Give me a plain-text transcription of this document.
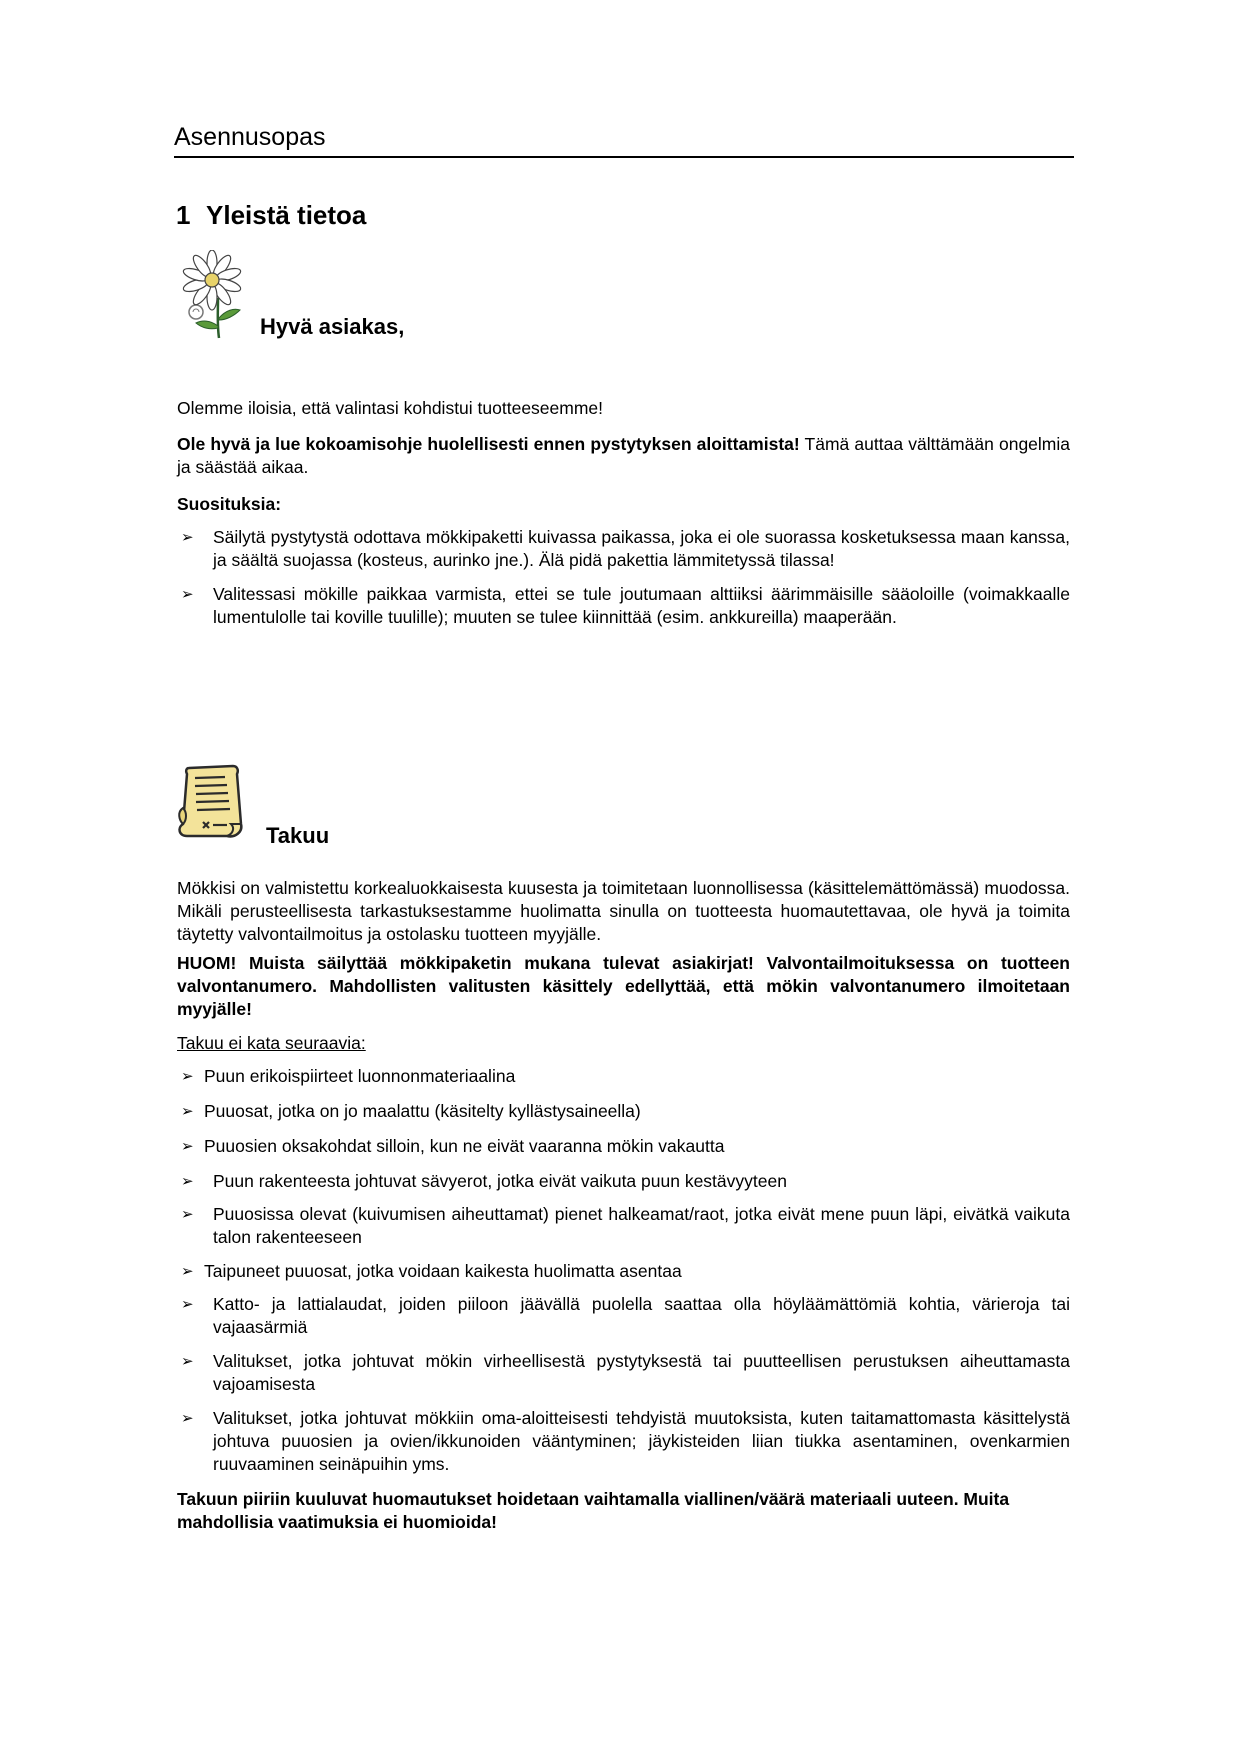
Asennusopas
1 Yleistä tietoa
Hyvä asiakas,
Olemme iloisia, että valintasi kohdistui tuotteeseemme!
Ole hyvä ja lue kokoamisohje huolellisesti ennen pystytyksen aloittamista! Tämä auttaa välttämään ongelmia ja säästää aikaa.
Suosituksia:
➢ Säilytä pystytystä odottava mökkipaketti kuivassa paikassa, joka ei ole suorassa kosketuksessa maan kanssa, ja säältä suojassa (kosteus, aurinko jne.). Älä pidä pakettia lämmitetyssä tilassa!
➢ Valitessasi mökille paikkaa varmista, ettei se tule joutumaan alttiiksi äärimmäisille sääoloille (voimakkaalle lumentulolle tai koville tuulille); muuten se tulee kiinnittää (esim. ankkureilla) maaperään.
Takuu
Mökkisi on valmistettu korkealuokkaisesta kuusesta ja toimitetaan luonnollisessa (käsittelemättömässä) muodossa. Mikäli perusteellisesta tarkastuksestamme huolimatta sinulla on tuotteesta huomautettavaa, ole hyvä ja toimita täytetty valvontailmoitus ja ostolasku tuotteen myyjälle.
HUOM! Muista säilyttää mökkipaketin mukana tulevat asiakirjat! Valvontailmoituksessa on tuotteen valvontanumero. Mahdollisten valitusten käsittely edellyttää, että mökin valvontanumero ilmoitetaan myyjälle!
Takuu ei kata seuraavia:
➢ Puun erikoispiirteet luonnonmateriaalina
➢ Puuosat, jotka on jo maalattu (käsitelty kyllästysaineella)
➢ Puuosien oksakohdat silloin, kun ne eivät vaaranna mökin vakautta
➢ Puun rakenteesta johtuvat sävyerot, jotka eivät vaikuta puun kestävyyteen
➢ Puuosissa olevat (kuivumisen aiheuttamat) pienet halkeamat/raot, jotka eivät mene puun läpi, eivätkä vaikuta talon rakenteeseen
➢ Taipuneet puuosat, jotka voidaan kaikesta huolimatta asentaa
➢ Katto- ja lattialaudat, joiden piiloon jäävällä puolella saattaa olla höyläämättömiä kohtia, värieroja tai vajaasärmiä
➢ Valitukset, jotka johtuvat mökin virheellisestä pystytyksestä tai puutteellisen perustuksen aiheuttamasta vajoamisesta
➢ Valitukset, jotka johtuvat mökkiin oma-aloitteisesti tehdyistä muutoksista, kuten taitamattomasta käsittelystä johtuva puuosien ja ovien/ikkunoiden vääntyminen; jäykisteiden liian tiukka asentaminen, ovenkarmien ruuvaaminen seinäpuihin yms.
Takuun piiriin kuuluvat huomautukset hoidetaan vaihtamalla viallinen/väärä materiaali uuteen. Muita mahdollisia vaatimuksia ei huomioida!
